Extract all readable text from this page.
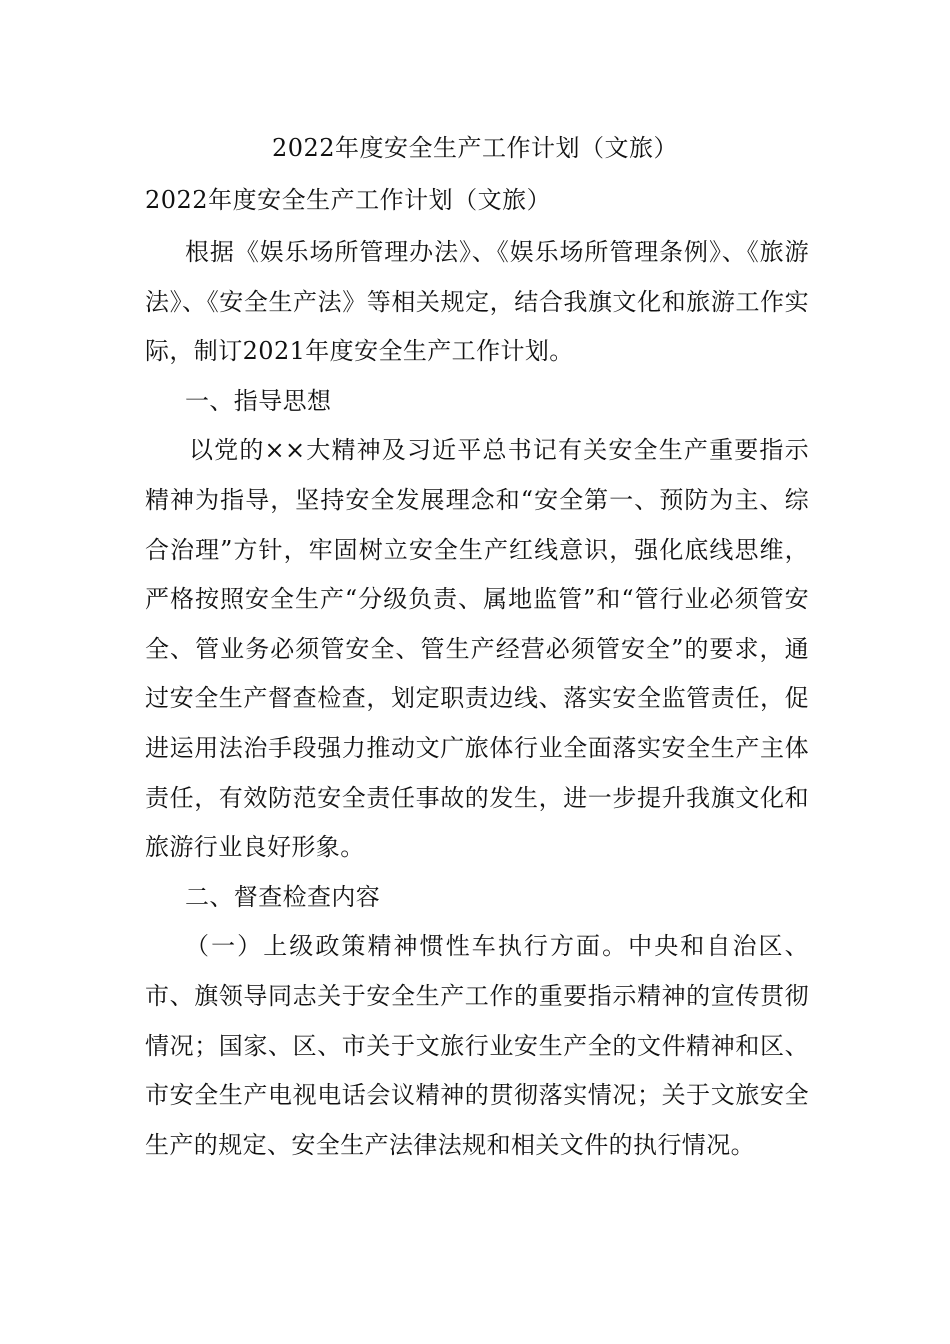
2022年度安全生产工作计划（文旅）
2022年度安全生产工作计划（文旅）

根据《娱乐场所管理办法》、《娱乐场所管理条例》、《旅游法》、《安全生产法》等相关规定，结合我旗文化和旅游工作实际，制订2021年度安全生产工作计划。

一、指导思想

以党的××大精神及习近平总书记有关安全生产重要指示精神为指导，坚持安全发展理念和“安全第一、预防为主、综合治理”方针，牢固树立安全生产红线意识，强化底线思维，严格按照安全生产“分级负责、属地监管”和“管行业必须管安全、管业务必须管安全、管生产经营必须管安全”的要求，通过安全生产督查检查，划定职责边线、落实安全监管责任，促进运用法治手段强力推动文广旅体行业全面落实安全生产主体责任，有效防范安全责任事故的发生，进一步提升我旗文化和旅游行业良好形象。

二、督查检查内容

（一）上级政策精神惯性车执行方面。中央和自治区、市、旗领导同志关于安全生产工作的重要指示精神的宣传贯彻情况；国家、区、市关于文旅行业安生产全的文件精神和区、市安全生产电视电话会议精神的贯彻落实情况；关于文旅安全生产的规定、安全生产法律法规和相关文件的执行情况。
